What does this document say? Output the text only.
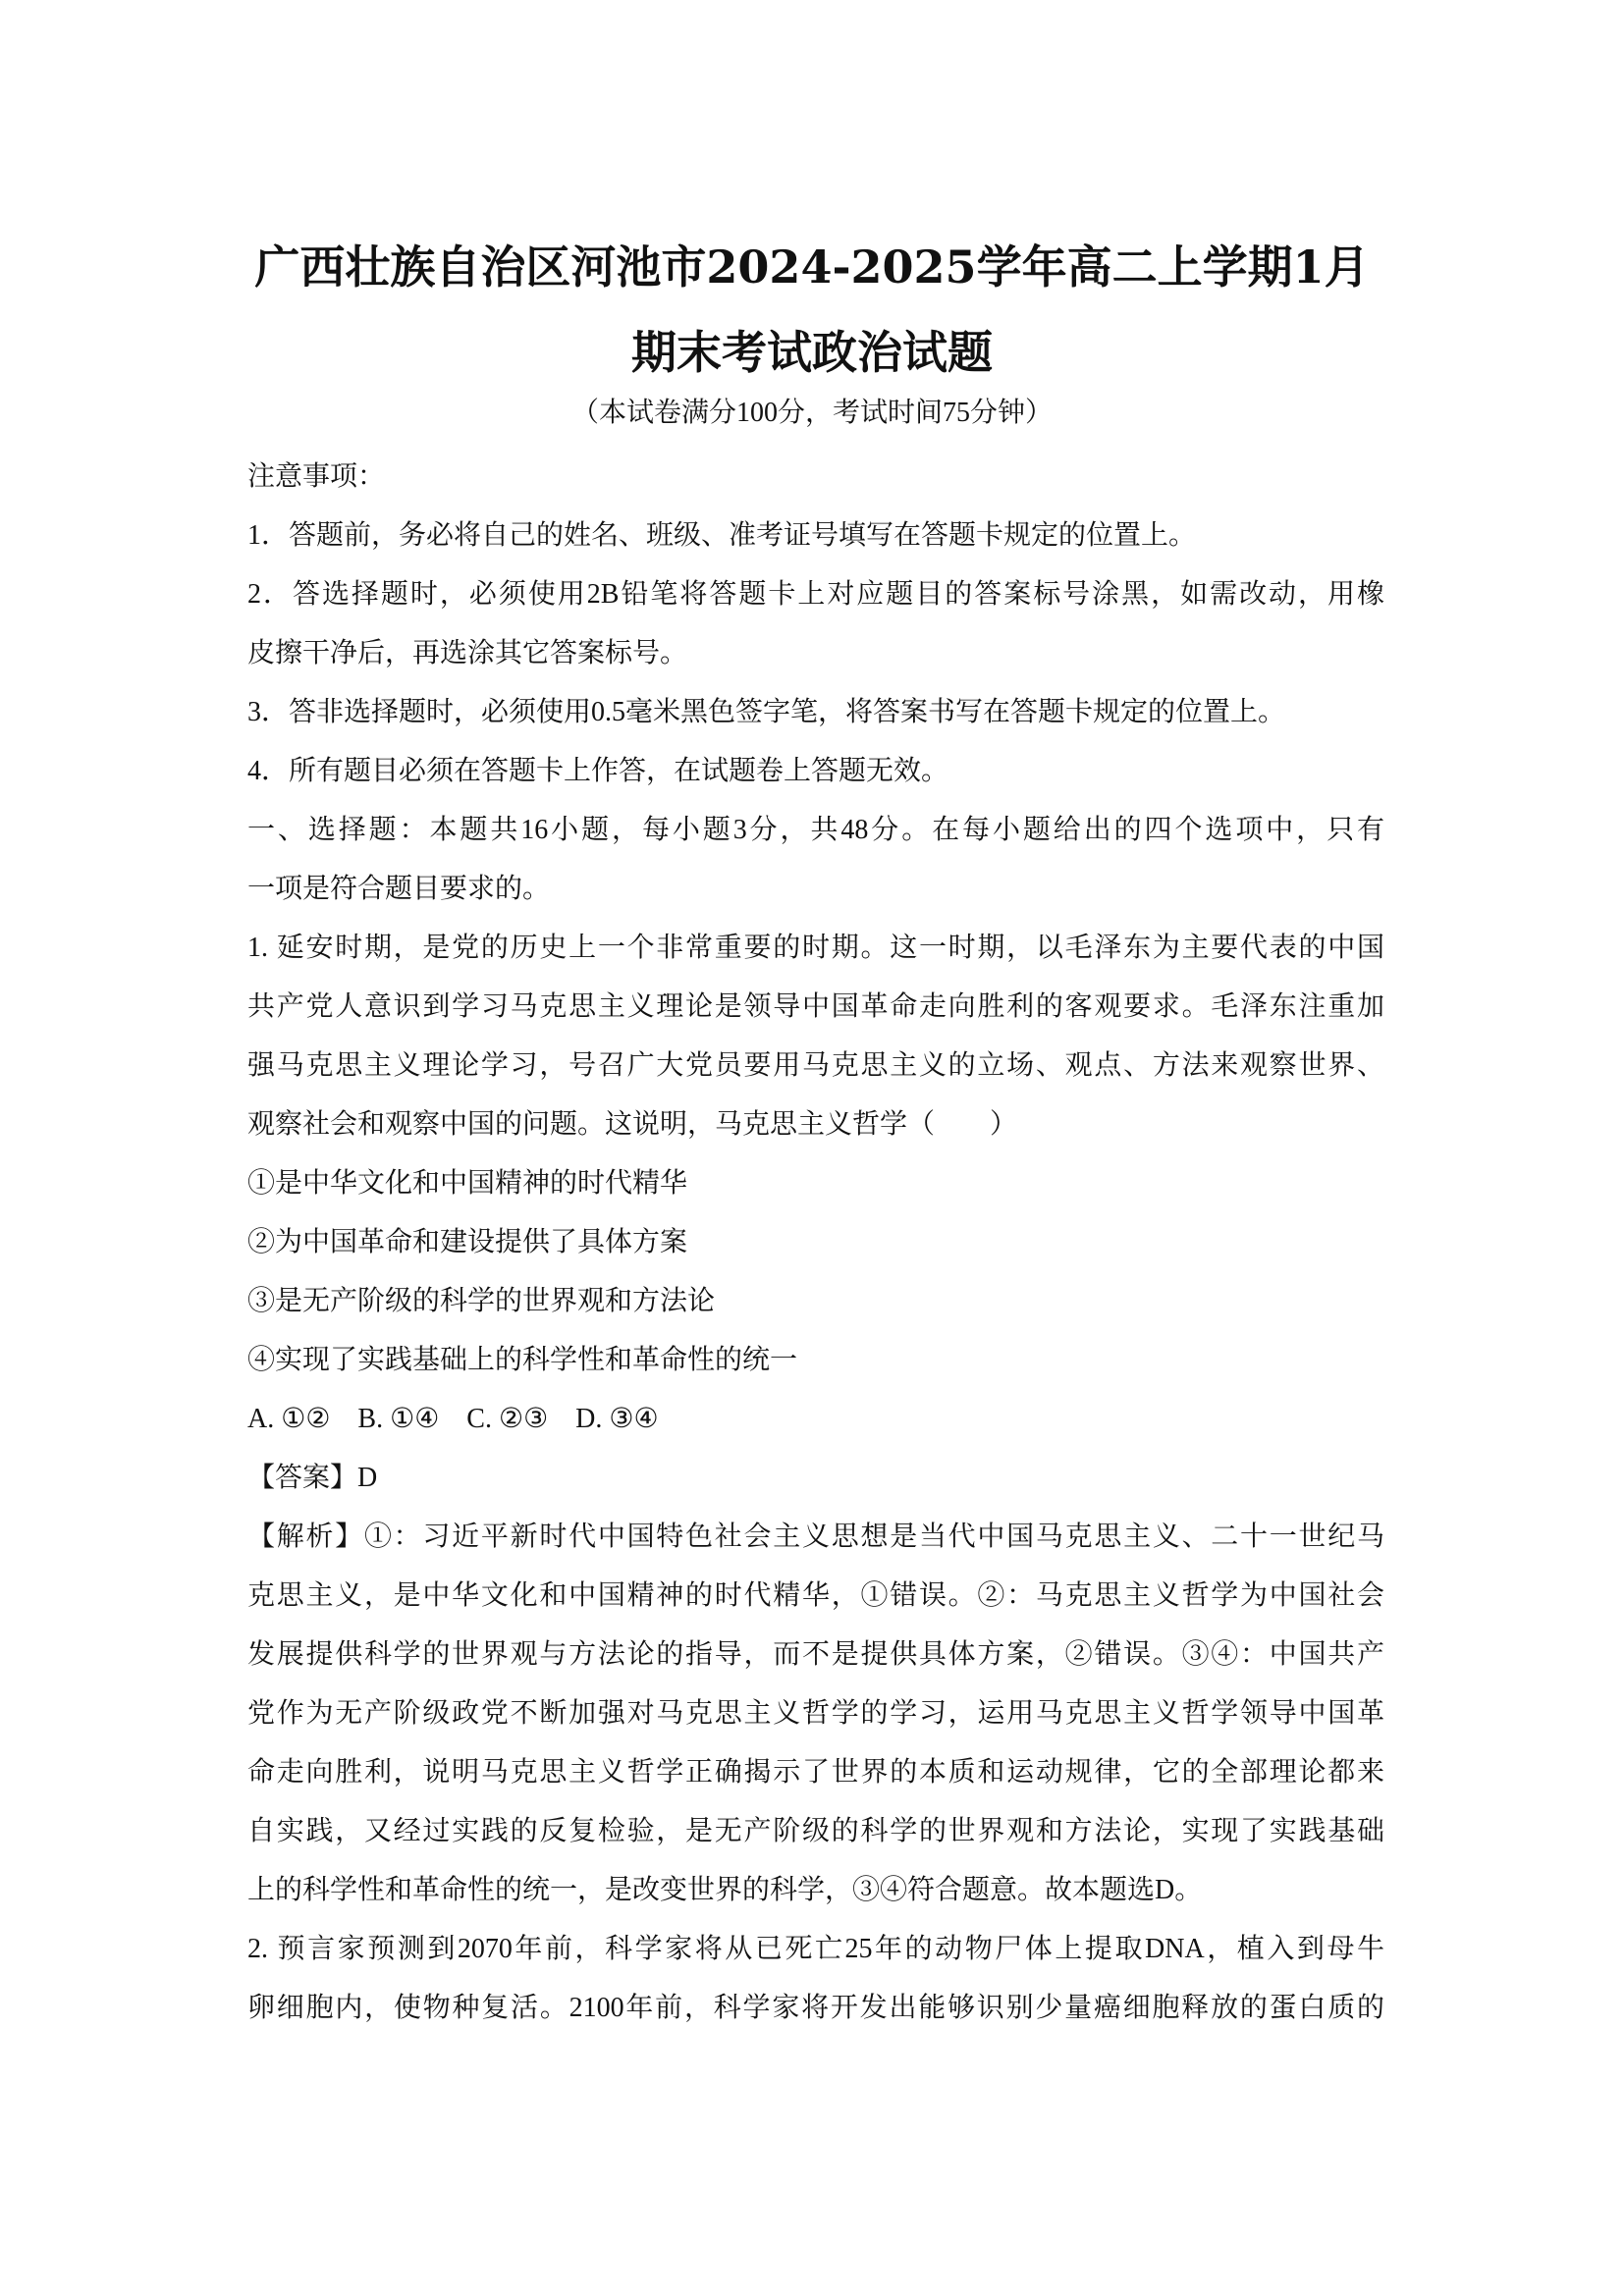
广西壮族自治区河池市2024-2025学年高二上学期1月
期末考试政治试题
（本试卷满分100分，考试时间75分钟）
注意事项：
1．答题前，务必将自己的姓名、班级、准考证号填写在答题卡规定的位置上。
2．答选择题时，必须使用2B铅笔将答题卡上对应题目的答案标号涂黑，如需改动，用橡
皮擦干净后，再选涂其它答案标号。
3．答非选择题时，必须使用0.5毫米黑色签字笔，将答案书写在答题卡规定的位置上。
4．所有题目必须在答题卡上作答，在试题卷上答题无效。
一、选择题：本题共16小题，每小题3分，共48分。在每小题给出的四个选项中，只有
一项是符合题目要求的。
1. 延安时期，是党的历史上一个非常重要的时期。这一时期，以毛泽东为主要代表的中国
共产党人意识到学习马克思主义理论是领导中国革命走向胜利的客观要求。毛泽东注重加
强马克思主义理论学习，号召广大党员要用马克思主义的立场、观点、方法来观察世界、
观察社会和观察中国的问题。这说明，马克思主义哲学（　　）
①是中华文化和中国精神的时代精华
②为中国革命和建设提供了具体方案
③是无产阶级的科学的世界观和方法论
④实现了实践基础上的科学性和革命性的统一
A. ①②　B. ①④　C. ②③　D. ③④
【答案】D
【解析】①：习近平新时代中国特色社会主义思想是当代中国马克思主义、二十一世纪马
克思主义，是中华文化和中国精神的时代精华，①错误。②：马克思主义哲学为中国社会
发展提供科学的世界观与方法论的指导，而不是提供具体方案，②错误。③④：中国共产
党作为无产阶级政党不断加强对马克思主义哲学的学习，运用马克思主义哲学领导中国革
命走向胜利，说明马克思主义哲学正确揭示了世界的本质和运动规律，它的全部理论都来
自实践，又经过实践的反复检验，是无产阶级的科学的世界观和方法论，实现了实践基础
上的科学性和革命性的统一，是改变世界的科学，③④符合题意。故本题选D。
2. 预言家预测到2070年前，科学家将从已死亡25年的动物尸体上提取DNA，植入到母牛
卵细胞内，使物种复活。2100年前，科学家将开发出能够识别少量癌细胞释放的蛋白质的
